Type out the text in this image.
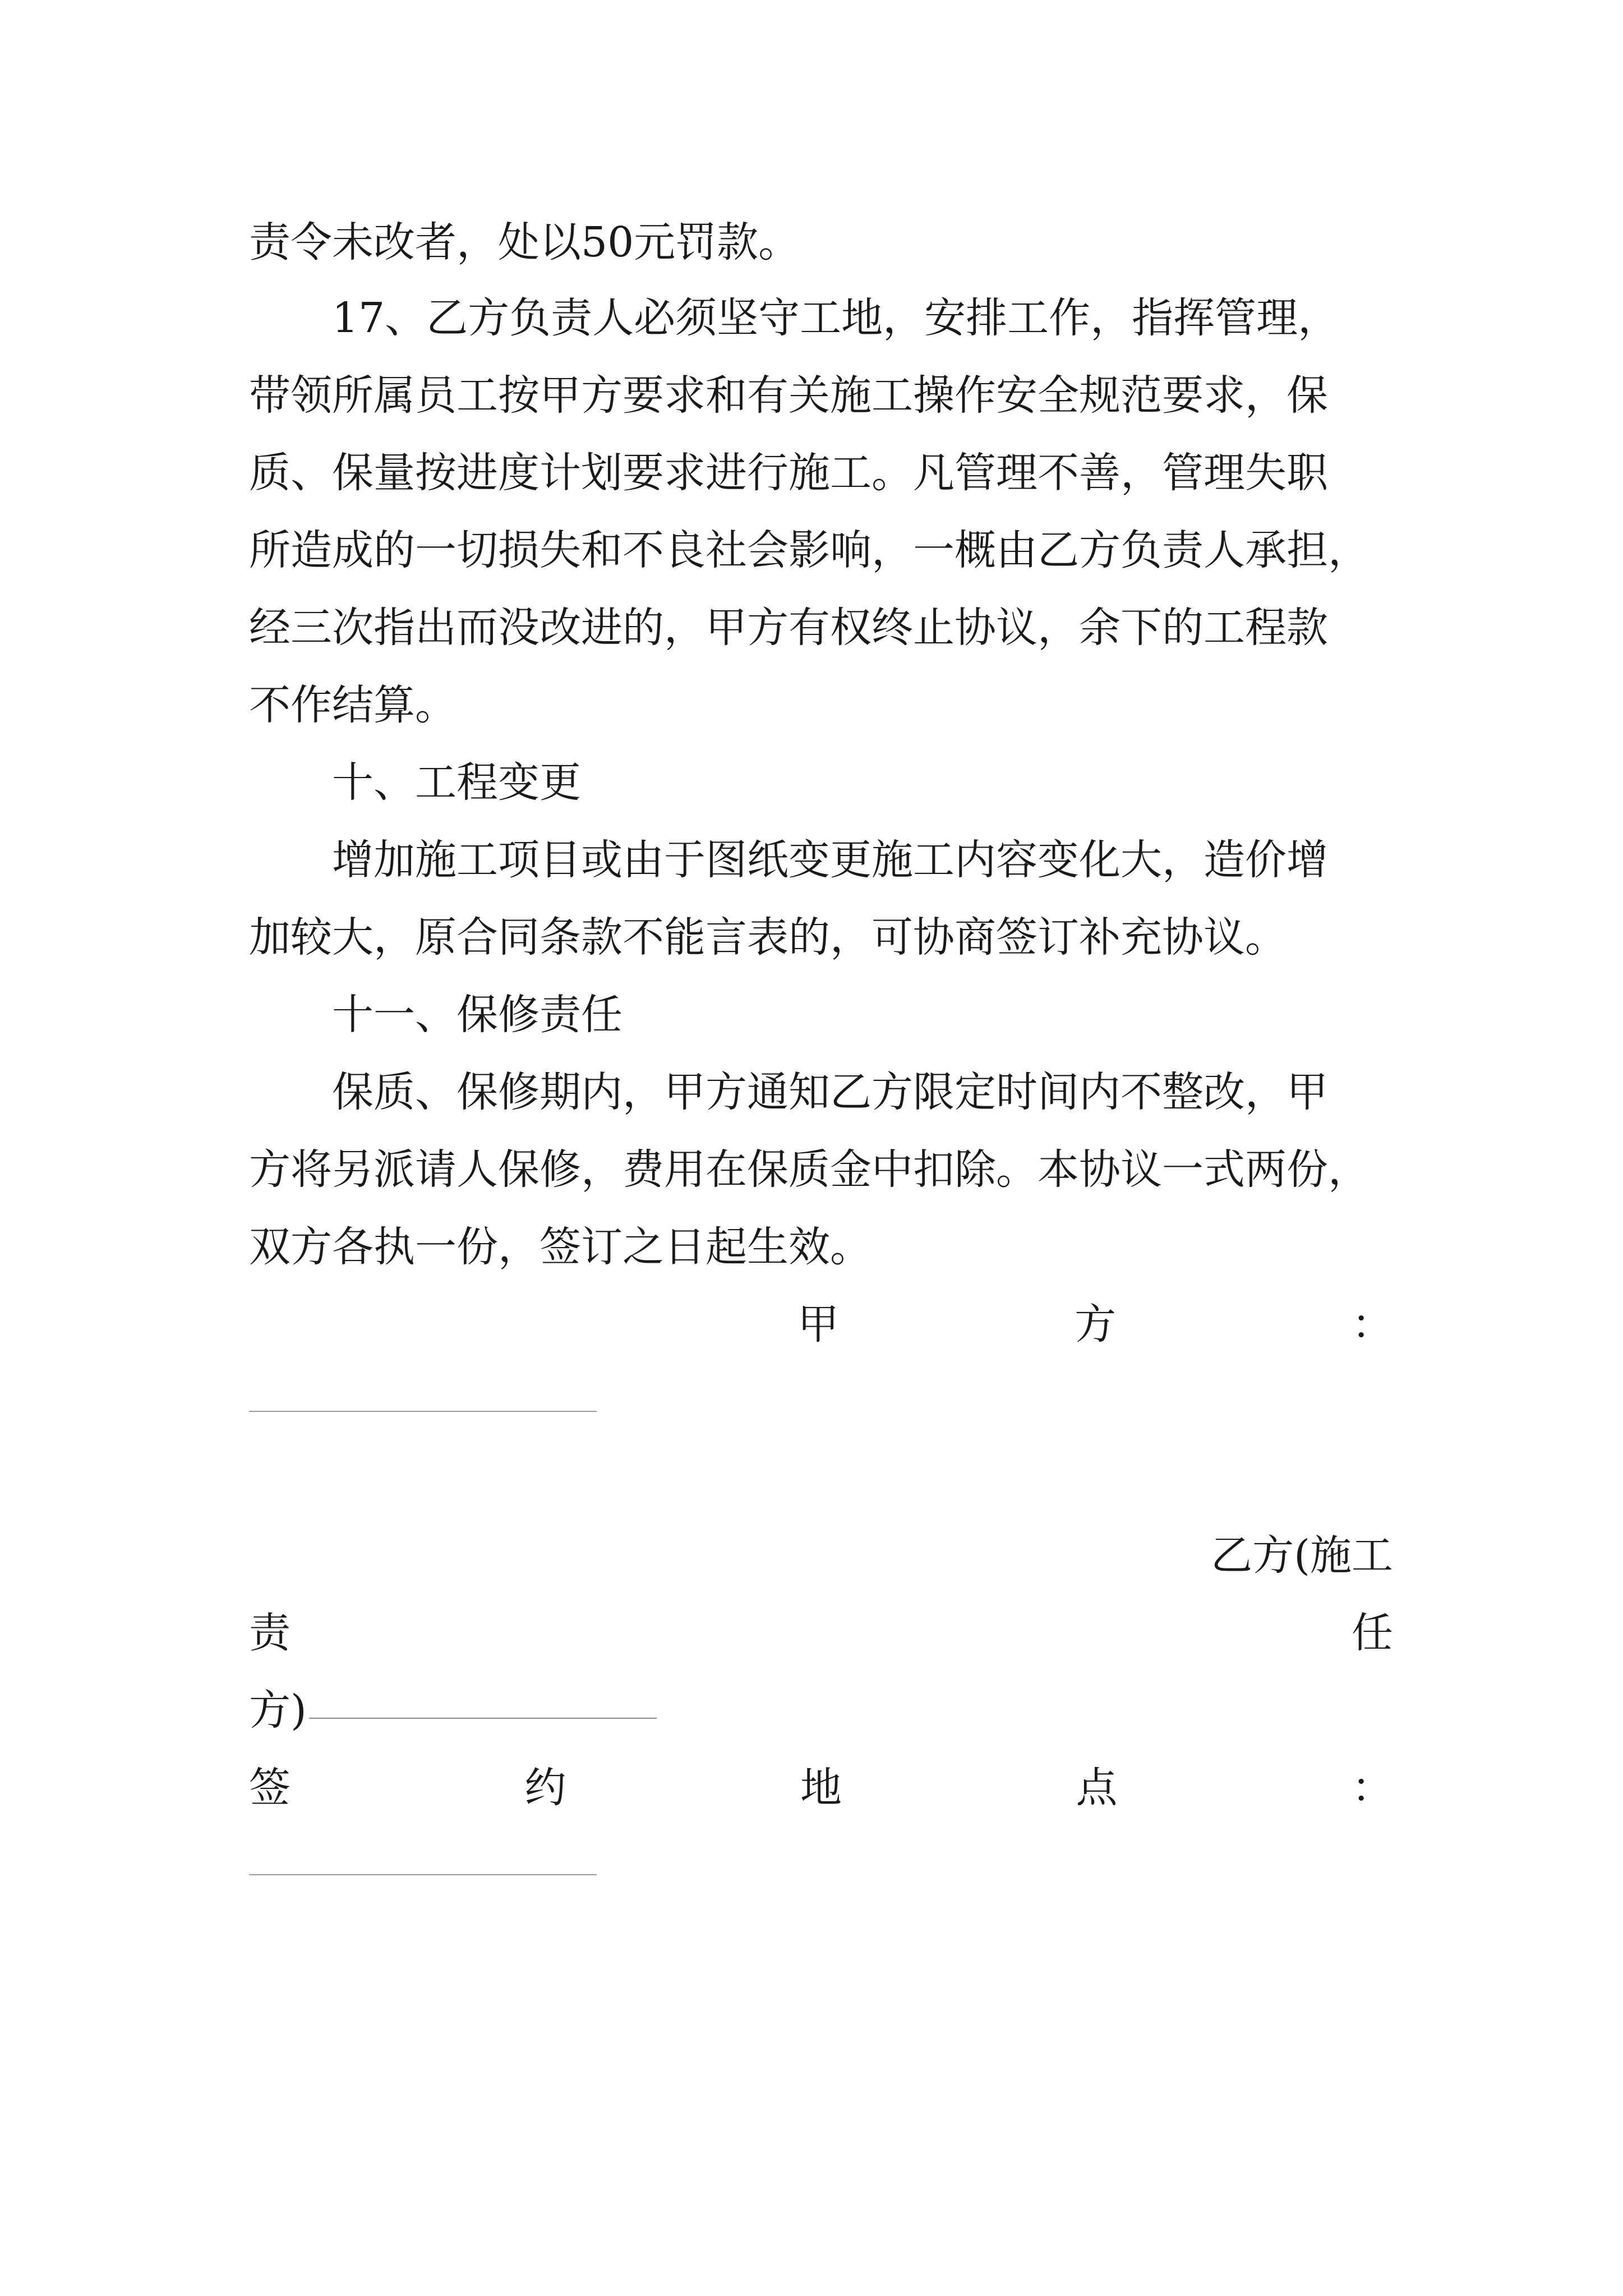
责令未改者，处以50元罚款。
17、乙方负责人必须坚守工地，安排工作，指挥管理，
带领所属员工按甲方要求和有关施工操作安全规范要求，保
质、保量按进度计划要求进行施工。凡管理不善，管理失职
所造成的一切损失和不良社会影响，一概由乙方负责人承担，
经三次指出而没改进的，甲方有权终止协议，余下的工程款
不作结算。
十、工程变更
增加施工项目或由于图纸变更施工内容变化大，造价增
加较大，原合同条款不能言表的，可协商签订补充协议。
十一、保修责任
保质、保修期内，甲方通知乙方限定时间内不整改，甲
方将另派请人保修，费用在保质金中扣除。本协议一式两份，
双方各执一份，签订之日起生效。
甲	方	：
乙方(施工
责	任
方)
签	约	地	点	：
